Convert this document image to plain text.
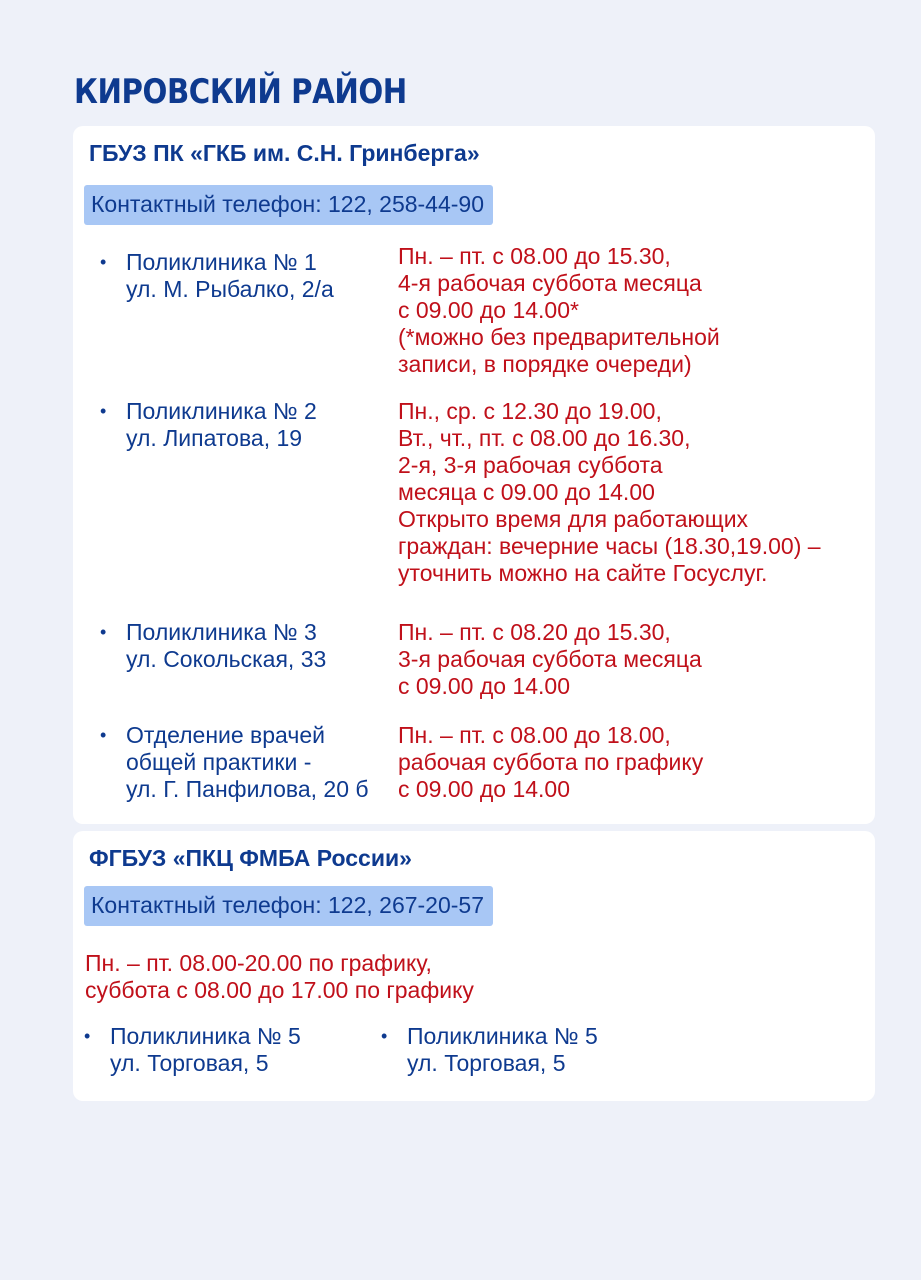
КИРОВСКИЙ РАЙОН
ГБУЗ ПК «ГКБ им. С.Н. Гринберга»
Контактный телефон: 122, 258-44-90
• Поликлиника № 1
ул. М. Рыбалко, 2/а
Пн. – пт. с 08.00 до 15.30,
4-я рабочая суббота месяца
с 09.00 до 14.00*
(*можно без предварительной
записи, в порядке очереди)
• Поликлиника № 2
ул. Липатова, 19
Пн., ср. с 12.30 до 19.00,
Вт., чт., пт. с 08.00 до 16.30,
2-я, 3-я рабочая суббота
месяца с 09.00 до 14.00
Открыто время для работающих
граждан: вечерние часы (18.30,19.00) –
уточнить можно на сайте Госуслуг.
• Поликлиника № 3
ул. Сокольская, 33
Пн. – пт. с 08.20 до 15.30,
3-я рабочая суббота месяца
с 09.00 до 14.00
• Отделение врачей
общей практики -
ул. Г. Панфилова, 20 б
Пн. – пт. с 08.00 до 18.00,
рабочая суббота по графику
с 09.00 до 14.00
ФГБУЗ «ПКЦ ФМБА России»
Контактный телефон: 122, 267-20-57
Пн. – пт. 08.00-20.00 по графику,
суббота с 08.00 до 17.00 по графику
• Поликлиника № 5
ул. Торговая, 5
• Поликлиника № 5
ул. Торговая, 5
